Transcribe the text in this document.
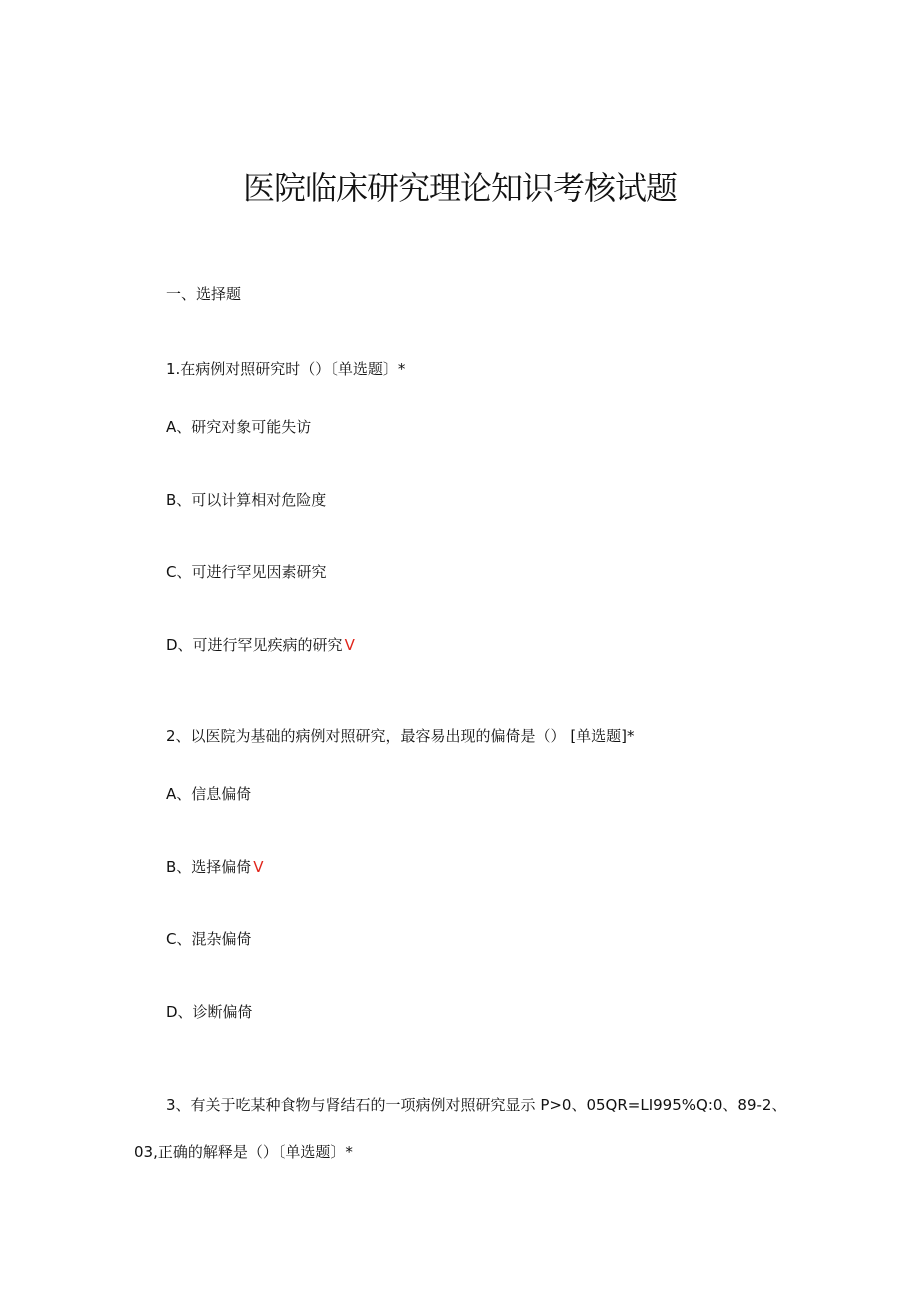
医院临床研究理论知识考核试题
一、选择题
1.在病例对照研究时（）〔单选题〕*
A、研究对象可能失访
B、可以计算相对危险度
C、可进行罕见因素研究
D、可进行罕见疾病的研究 V
2、以医院为基础的病例对照研究，最容易出现的偏倚是（） [单选题]*
A、信息偏倚
B、选择偏倚 V
C、混杂偏倚
D、诊断偏倚
3、有关于吃某种食物与肾结石的一项病例对照研究显示 P>0、05QR=LI995%Q:0、89-2、
03,正确的解释是（）〔单选题〕*
